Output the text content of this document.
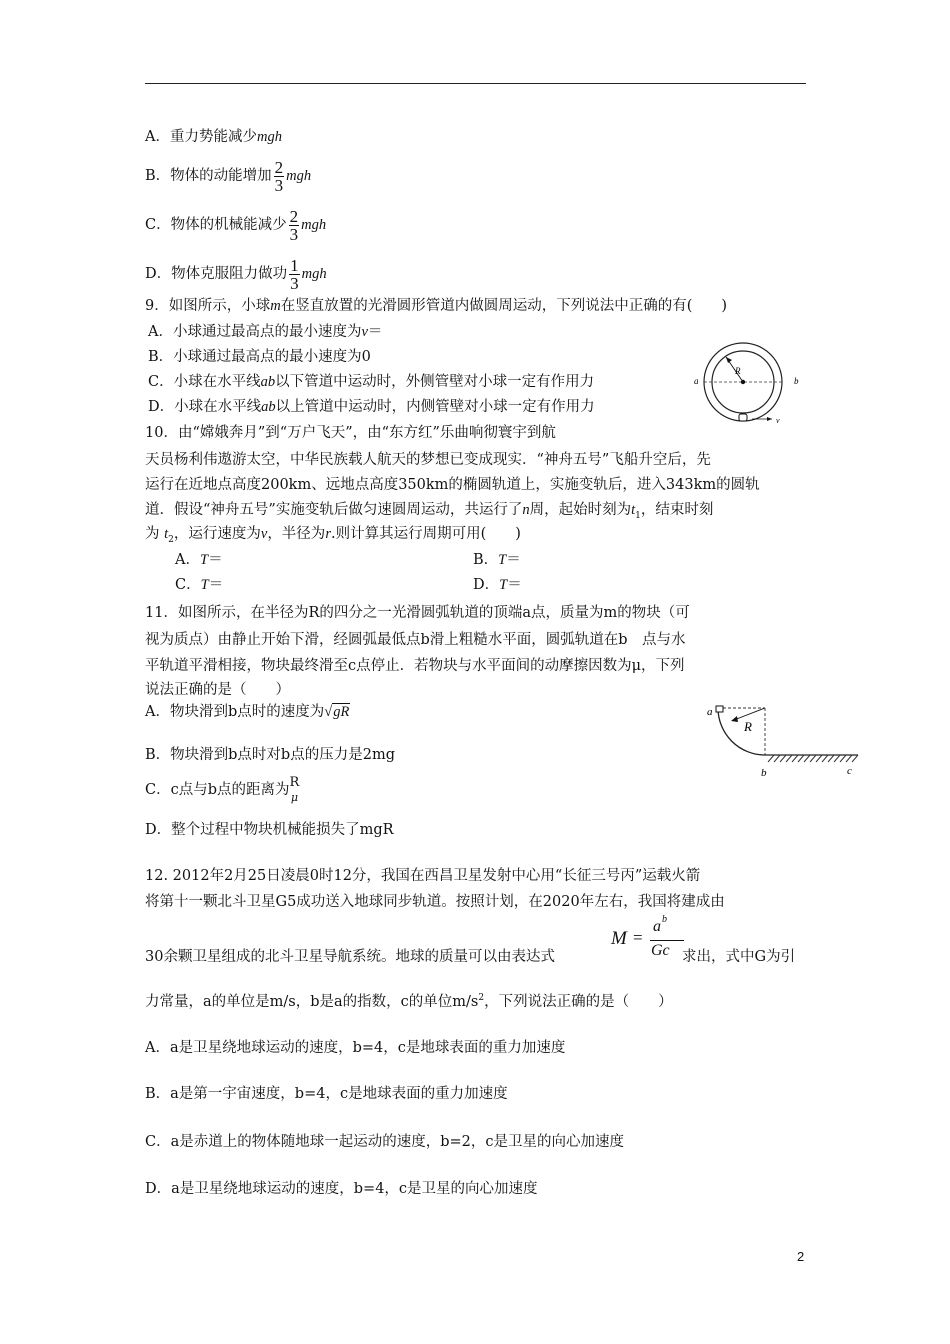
A．重力势能减少mgh
B．物体的动能增加 $\frac{2}{3}$ mgh
C．物体的机械能减少 $\frac{2}{3}$ mgh
D．物体克服阻力做功 $\frac{1}{3}$ mgh
9．如图所示，小球m在竖直放置的光滑圆形管道内做圆周运动，下列说法中正确的有(　　)
A．小球通过最高点的最小速度为v＝
B．小球通过最高点的最小速度为0
C．小球在水平线ab以下管道中运动时，外侧管壁对小球一定有作用力
D．小球在水平线ab以上管道中运动时，内侧管壁对小球一定有作用力
R
a	b
v
10．由“嫦娥奔月”到“万户飞天”，由“东方红”乐曲响彻寰宇到航
天员杨利伟遨游太空，中华民族载人航天的梦想已变成现实．“神舟五号”飞船升空后，先
运行在近地点高度200km、远地点高度350km的椭圆轨道上，实施变轨后，进入343km的圆轨
道．假设“神舟五号”实施变轨后做匀速圆周运动，共运行了n周，起始时刻为$t_1$，结束时刻
为 $t_2$，运行速度为v，半径为r.则计算其运行周期可用(　　)
A．T＝	B．T＝
C．T＝	D．T＝
11．如图所示，在半径为R的四分之一光滑圆弧轨道的顶端a点，质量为m的物块（可
视为质点）由静止开始下滑，经圆弧最低点b滑上粗糙水平面，圆弧轨道在b　点与水
平轨道平滑相接，物块最终滑至c点停止．若物块与水平面间的动摩擦因数为μ，下列
说法正确的是（　　）
A．物块滑到b点时的速度为√gR
B．物块滑到b点时对b点的压力是2mg
C．c点与b点的距离为 R
μ
D．整个过程中物块机械能损失了mgR
R
a
b	c
12. 2012年2月25日凌晨0时12分，我国在西昌卫星发射中心用“长征三号丙”运载火箭
将第十一颗北斗卫星G5成功送入地球同步轨道。按照计划，在2020年左右，我国将建成由
M =
a b
Gc
30余颗卫星组成的北斗卫星导航系统。地球的质量可以由表达式	求出，式中G为引
力常量，a的单位是m/s，b是a的指数，c的单位$m/s^2$，下列说法正确的是（　　）
A．a是卫星绕地球运动的速度，b=4，c是地球表面的重力加速度
B．a是第一宇宙速度，b=4，c是地球表面的重力加速度
C．a是赤道上的物体随地球一起运动的速度，b=2，c是卫星的向心加速度
D．a是卫星绕地球运动的速度，b=4，c是卫星的向心加速度
2
